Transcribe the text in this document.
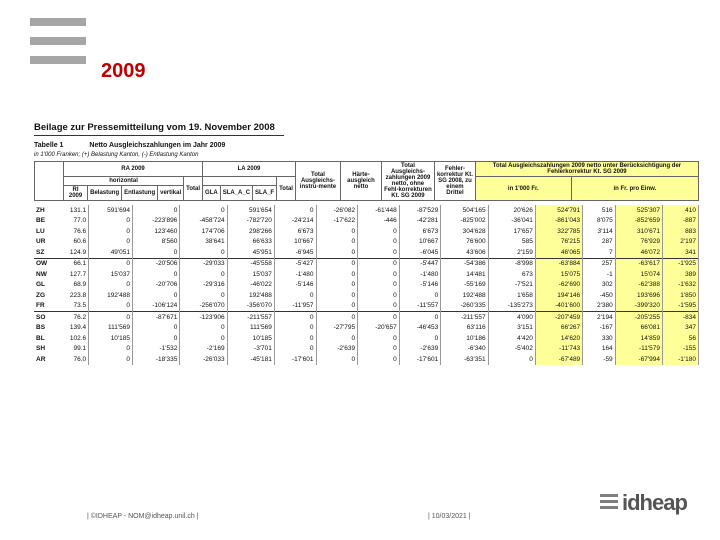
2009
Beilage zur Pressemitteilung vom 19. November 2008
Tabelle 1	Netto Ausgleichszahlungen im Jahr 2009
in 1'000 Franken; (+) Belastung Kanton, (-) Entlastung Kanton
	RA 2009					LA 2009				Total Ausgleichs-instru-mente	Härte-ausgleich netto	Total Ausgleichs-zahlungen 2009 netto, ohne Fehl-korrekturen Kt. SG 2009	Fehler-korrektur Kt. SG 2008, zu einem Drittel	Total Ausgleichszahlungen 2009 netto unter Berücksichtigung der Fehlerkorrektur Kt. SG 2009	
	horizontal				Total				Total					in 1'000 Fr.	in Fr. pro Einw.
	RI 2009	Belastung	Entlastung	vertikal		GLA	SLA_A_C	SLA_F							
ZH	131.1	591'694	0	0	591'654	0	-26'082	-61'448	-87'529	504'165	20'626	524'791	516	525'307	410
BE	77.0	0	-223'896	-458'724	-782'720	-24'214	-17'622	-446	-42'281	-825'002	-36'041	-861'043	8'075	-852'659	-887
LU	76.6	0	123'460	174'706	298'266	6'673	0	0	6'673	304'628	17'657	322'785	3'114	310'671	883
UR	60.6	0	8'560	38'641	66'633	10'667	0	0	10'667	76'600	585	76'215	287	76'929	2'197
SZ	124.9	49'051	0	0	45'951	-6'945	0	0	-6'045	43'606	2'159	46'065	7	46'072	341
OW	66.1	0	-20'506	-29'033	-45'558	-5'427	0	0	-5'447	-54'386	-8'998	-63'884	257	-63'617	-1'925
NW	127.7	15'037	0	0	15'037	-1'480	0	0	-1'480	14'481	673	15'075	-1	15'074	389
GL	68.9	0	-20'706	-29'316	-46'022	-5'146	0	0	-5'146	-55'169	-7'521	-62'690	302	-62'388	-1'632
ZG	223.8	192'488	0	0	192'488	0	0	0	0	192'488	1'658	194'146	-450	193'696	1'850
FR	73.5	0	-106'124	-256'070	-356'070	-11'957	0	0	-11'557	-260'335	-135'273	-401'600	2'380	-399'320	-1'595
SO	76.2	0	-87'671	-123'906	-211'557	0	0	0	0	-211'557	4'090	-207'459	2'194	-205'255	-834
BS	139.4	111'569	0	0	111'569	0	-27'795	-20'657	-46'453	63'116	3'151	66'267	-167	66'081	347
BL	102.6	10'185	0	0	10'185	0	0	0	0	10'186	4'420	14'620	330	14'859	56
SH	99.1	0	-1'532	-2'169	-3'701	0	-2'639	0	-2'639	-6'340	-5'402	-11'743	164	-11'579	-155
AR	76.0	0	-18'335	-26'033	-45'181	-17'601	0	0	-17'601	-63'351	0	-67'489	-59	-67'994	-1'180
| ©IDHEAP - NOM@idheap.unil.ch |	| 10/03/2021 |
idheap
